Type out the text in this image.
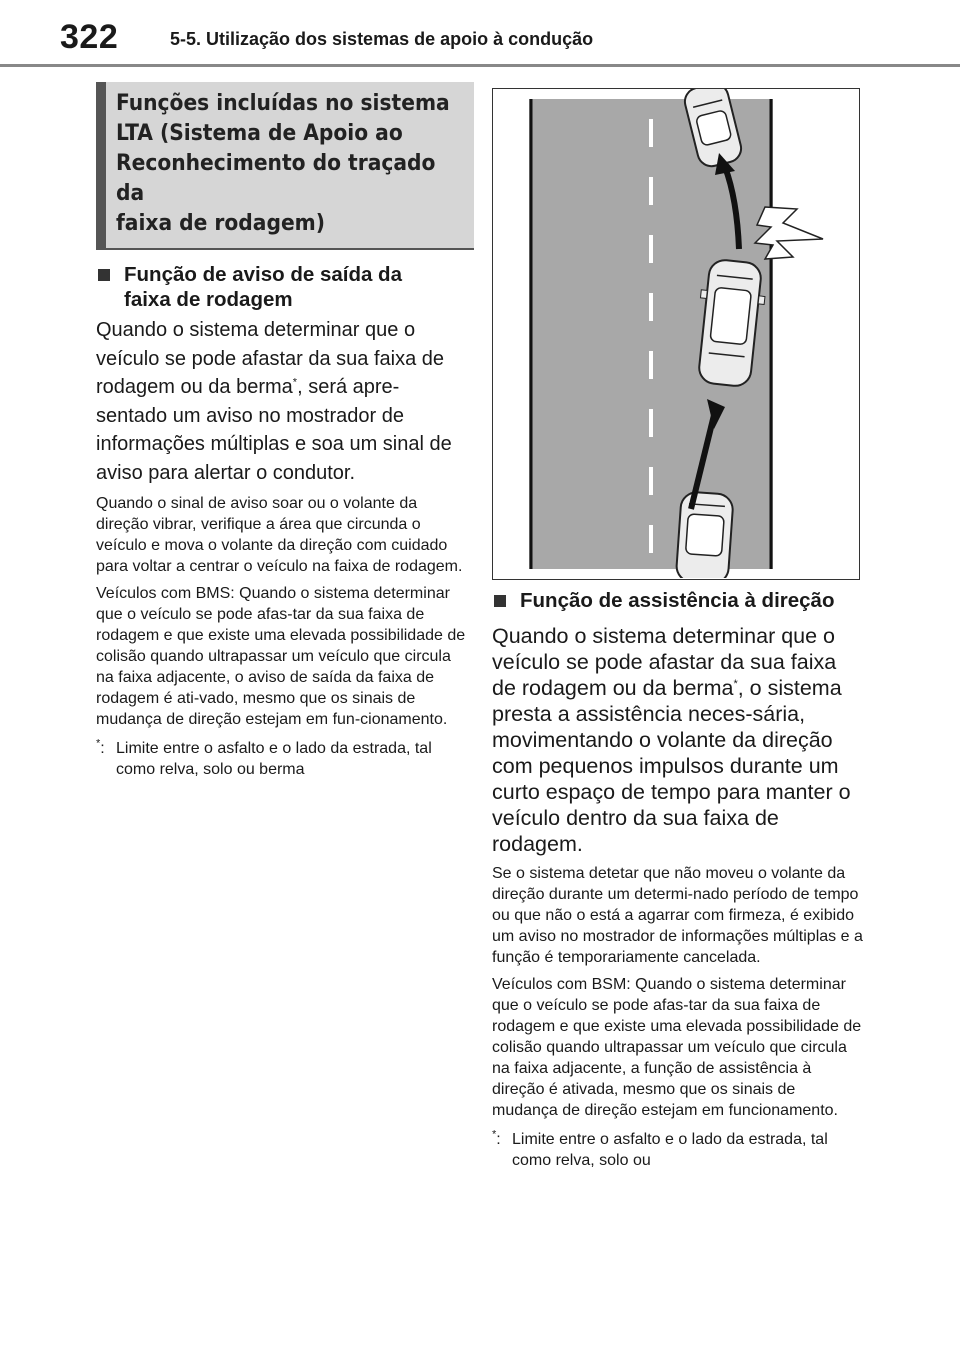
322	5-5. Utilização dos sistemas de apoio à condução
Funções incluídas no sistema
LTA (Sistema de Apoio ao
Reconhecimento do traçado da
faixa de rodagem)
Função de aviso de saída da
faixa de rodagem
Quando o sistema determinar que o veículo se pode afastar da sua faixa de rodagem ou da berma*, será apre-sentado um aviso no mostrador de informações múltiplas e soa um sinal de aviso para alertar o condutor.
Quando o sinal de aviso soar ou o volante da direção vibrar, verifique a área que circunda o veículo e mova o volante da direção com cuidado para voltar a centrar o veículo na faixa de rodagem.
Veículos com BMS: Quando o sistema determinar que o veículo se pode afas-tar da sua faixa de rodagem e que existe uma elevada possibilidade de colisão quando ultrapassar um veículo que circula na faixa adjacente, o aviso de saída da faixa de rodagem é ati-vado, mesmo que os sinais de mudança de direção estejam em fun-cionamento.
*: Limite entre o asfalto e o lado da estrada, tal como relva, solo ou berma
Função de assistência à direção
Quando o sistema determinar que o veículo se pode afastar da sua faixa de rodagem ou da berma*, o sistema presta a assistência neces-sária, movimentando o volante da direção com pequenos impulsos durante um curto espaço de tempo para manter o veículo dentro da sua faixa de rodagem.
Se o sistema detetar que não moveu o volante da direção durante um determi-nado período de tempo ou que não o está a agarrar com firmeza, é exibido um aviso no mostrador de informações múltiplas e a função é temporariamente cancelada.
Veículos com BSM: Quando o sistema determinar que o veículo se pode afas-tar da sua faixa de rodagem e que existe uma elevada possibilidade de colisão quando ultrapassar um veículo que circula na faixa adjacente, a função de assistência à direção é ativada, mesmo que os sinais de mudança de direção estejam em funcionamento.
*: Limite entre o asfalto e o lado da estrada, tal como relva, solo ou
